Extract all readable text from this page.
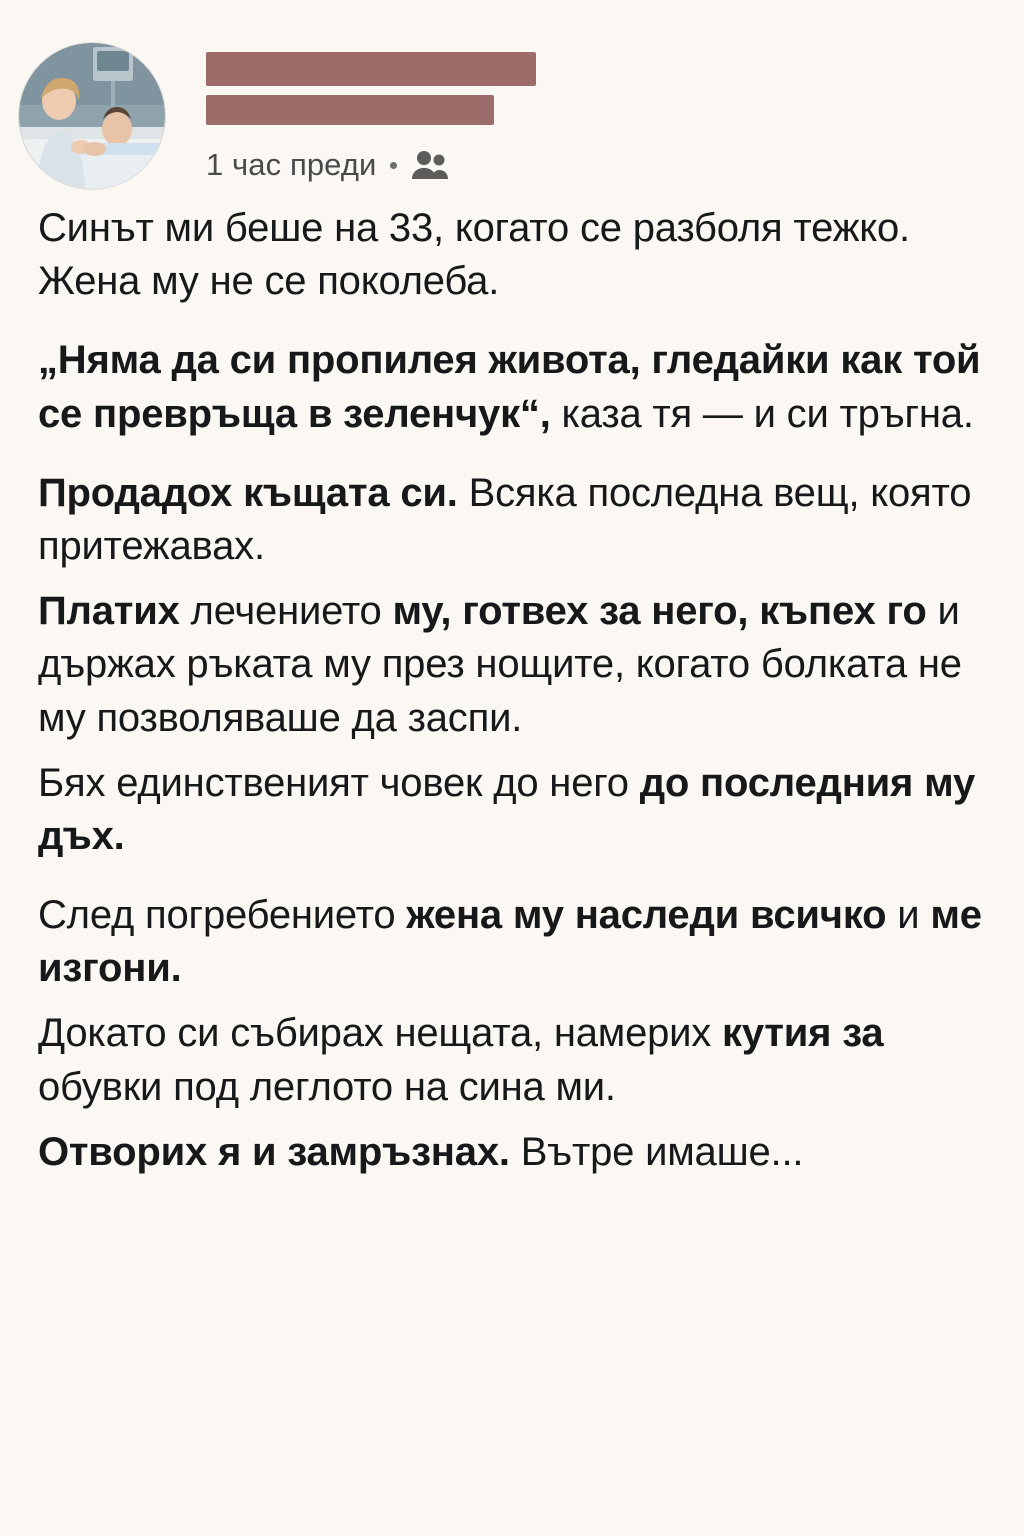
1 час преди

Синът ми беше на 33, когато се разболя тежко. Жена му не се поколеба.

„Няма да си пропилея живота, гледайки как той се превръща в зеленчук“, каза тя — и си тръгна.

Продадох къщата си. Всяка последна вещ, която притежавах.

Платих лечението му, готвех за него, къпех го и държах ръката му през нощите, когато болката не му позволяваше да заспи.

Бях единственият човек до него до последния му дъх.

След погребението жена му наследи всичко и ме изгони.

Докато си събирах нещата, намерих кутия за обувки под леглото на сина ми.

Отворих я и замръзнах. Вътре имаше...
